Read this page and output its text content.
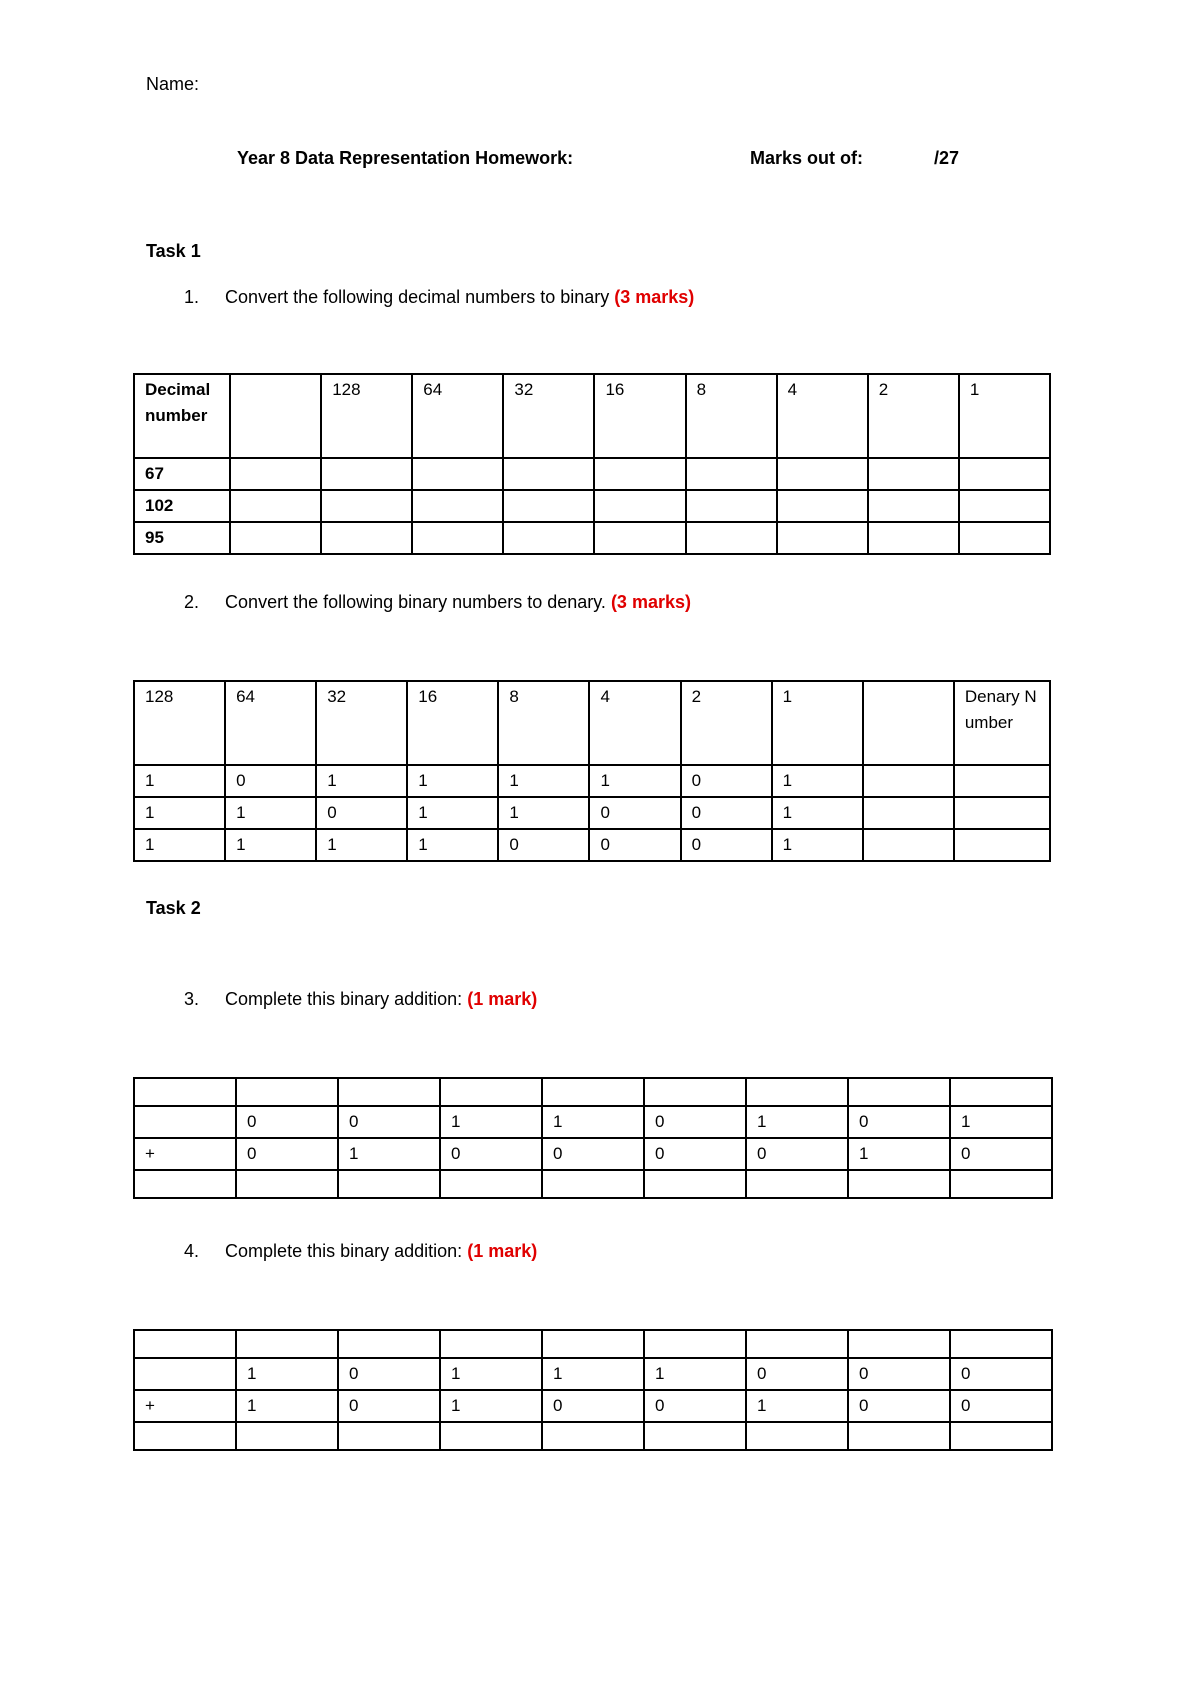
Name:
Year 8 Data Representation Homework:	Marks out of:	/27
Task 1
1. Convert the following decimal numbers to binary (3 marks)
Decimal number		128	64	32	16	8	4	2	1
67									
102									
95									
2. Convert the following binary numbers to denary. (3 marks)
128	64	32	16	8	4	2	1		Denary Number
1	0	1	1	1	1	0	1		
1	1	0	1	1	0	0	1		
1	1	1	1	0	0	0	1		
Task 2
3. Complete this binary addition: (1 mark)

	0	0	1	1	0	1	0	1
+	0	1	0	0	0	0	1	0

4. Complete this binary addition: (1 mark)

	1	0	1	1	1	0	0	0
+	1	0	1	0	0	1	0	0
